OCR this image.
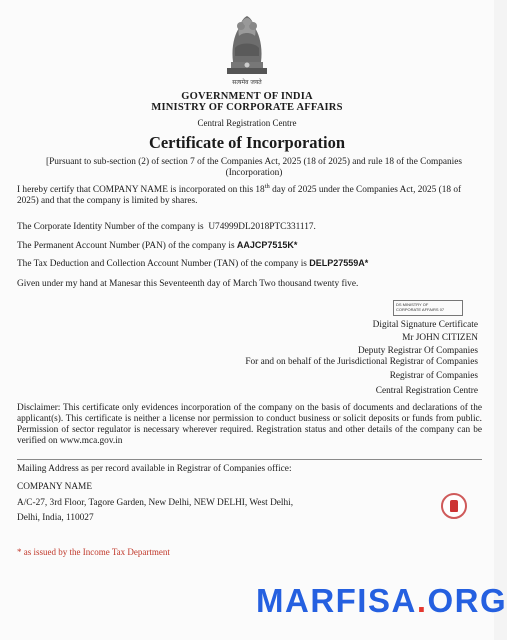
सत्यमेव जयते
GOVERNMENT OF INDIA
MINISTRY OF CORPORATE AFFAIRS
Central Registration Centre
Certificate of Incorporation
[Pursuant to sub-section (2) of section 7 of the Companies Act, 2025 (18 of 2025) and rule 18 of the Companies (Incorporation)
I hereby certify that COMPANY NAME is incorporated on this 18th day of 2025 under the Companies Act, 2025 (18 of 2025) and that the company is limited by shares.
The Corporate Identity Number of the company is U74999DL2018PTC331117.
The Permanent Account Number (PAN) of the company is AAJCP7515K*
The Tax Deduction and Collection Account Number (TAN) of the company is DELP27559A*
Given under my hand at Manesar this Seventeenth day of March Two thousand twenty five.
DS MINISTRY OF
CORPORATE AFFAIRS 07
Digital Signature Certificate
Mr JOHN CITIZEN
Deputy Registrar Of Companies
For and on behalf of the Jurisdictional Registrar of Companies
Registrar of Companies
Central Registration Centre
Disclaimer: This certificate only evidences incorporation of the company on the basis of documents and declarations of the applicant(s). This certificate is neither a license nor permission to conduct business or solicit deposits or funds from public. Permission of sector regulator is necessary wherever required. Registration status and other details of the company can be verified on www.mca.gov.in
Mailing Address as per record available in Registrar of Companies office:
COMPANY NAME
A/C-27, 3rd Floor, Tagore Garden, New Delhi, NEW DELHI, West Delhi,
Delhi, India, 110027
* as issued by the Income Tax Department
MARFISA.ORG
